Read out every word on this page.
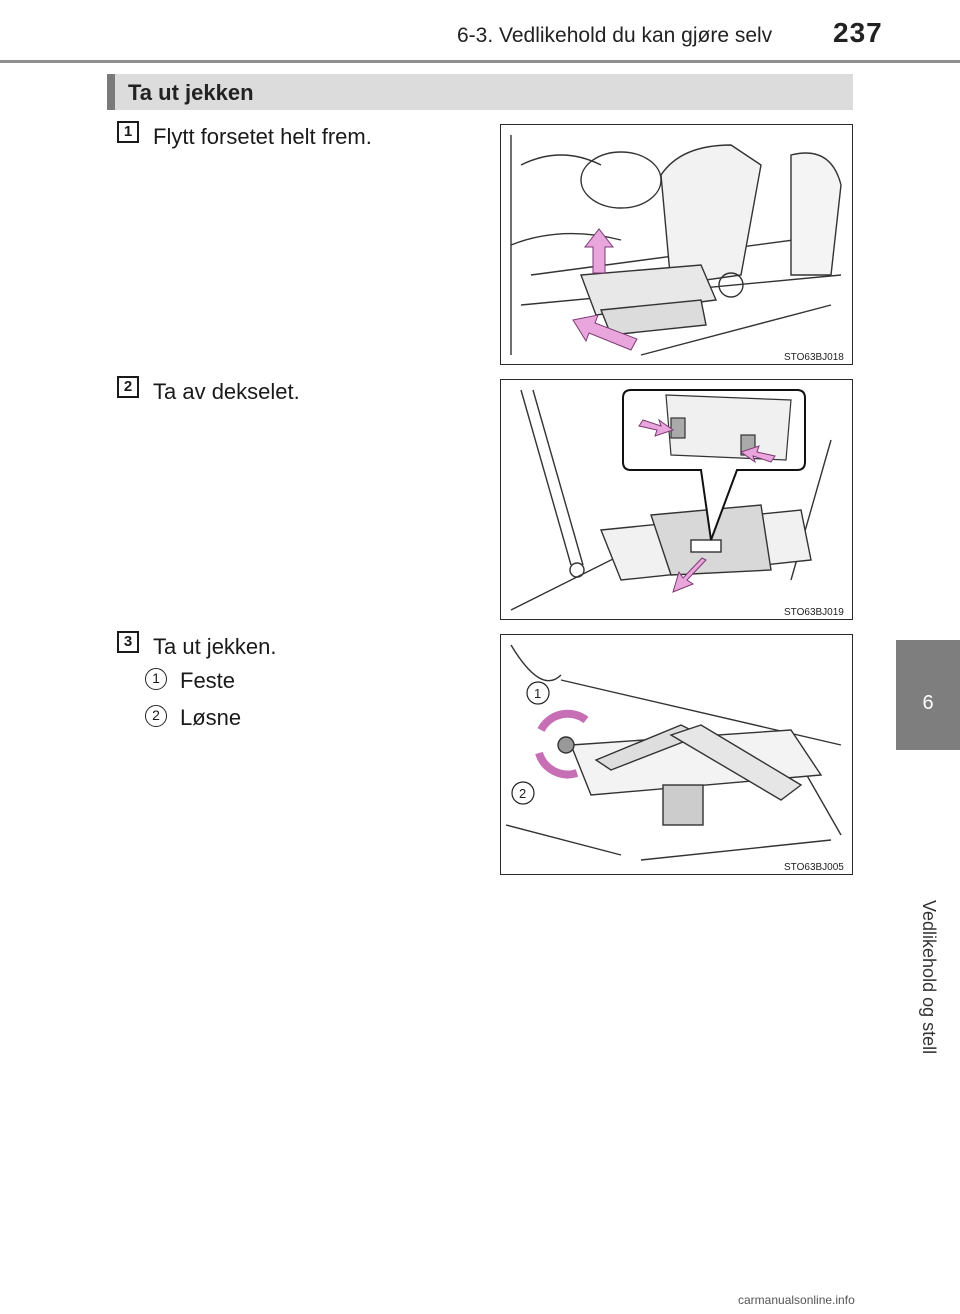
6-3. Vedlikehold du kan gjøre selv 237
6
Vedlikehold og stell
Ta ut jekken
1 Flytt forsetet helt frem.
STO63BJ018
2 Ta av dekselet.
STO63BJ019
3 Ta ut jekken.
1 Feste
2 Løsne
1
2
STO63BJ005
carmanualsonline.info
